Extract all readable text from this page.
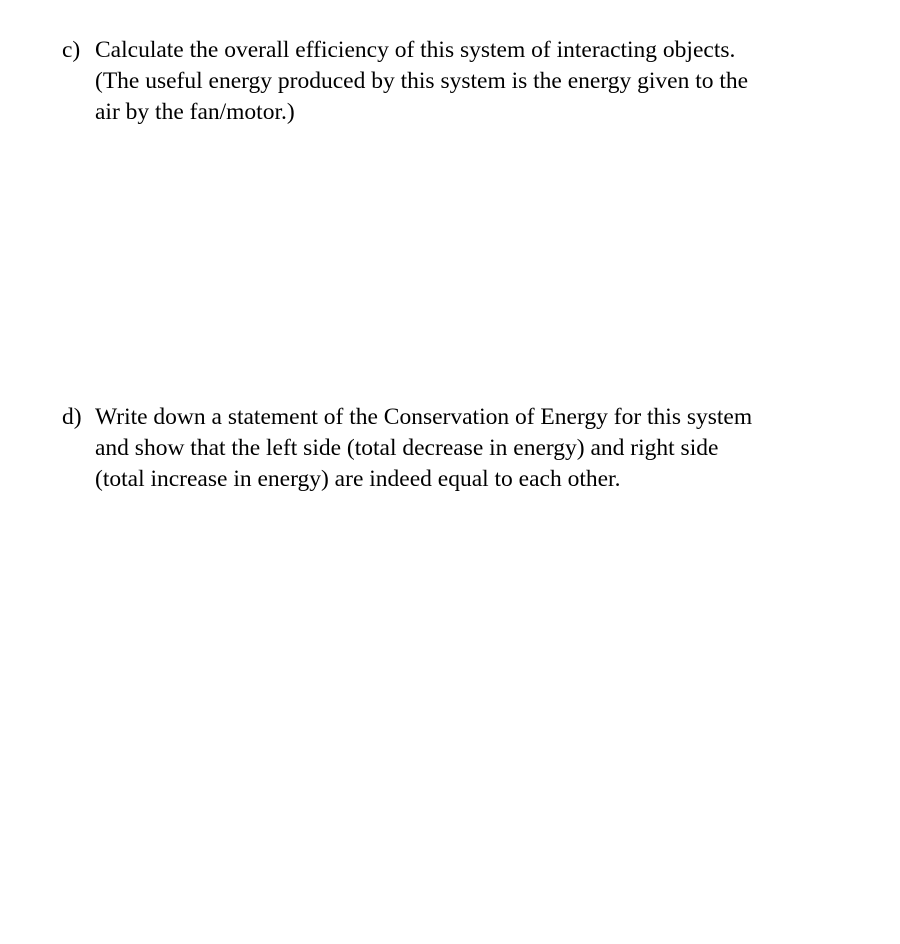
c) Calculate the overall efficiency of this system of interacting objects.
(The useful energy produced by this system is the energy given to the
air by the fan/motor.)
d) Write down a statement of the Conservation of Energy for this system
and show that the left side (total decrease in energy) and right side
(total increase in energy) are indeed equal to each other.
